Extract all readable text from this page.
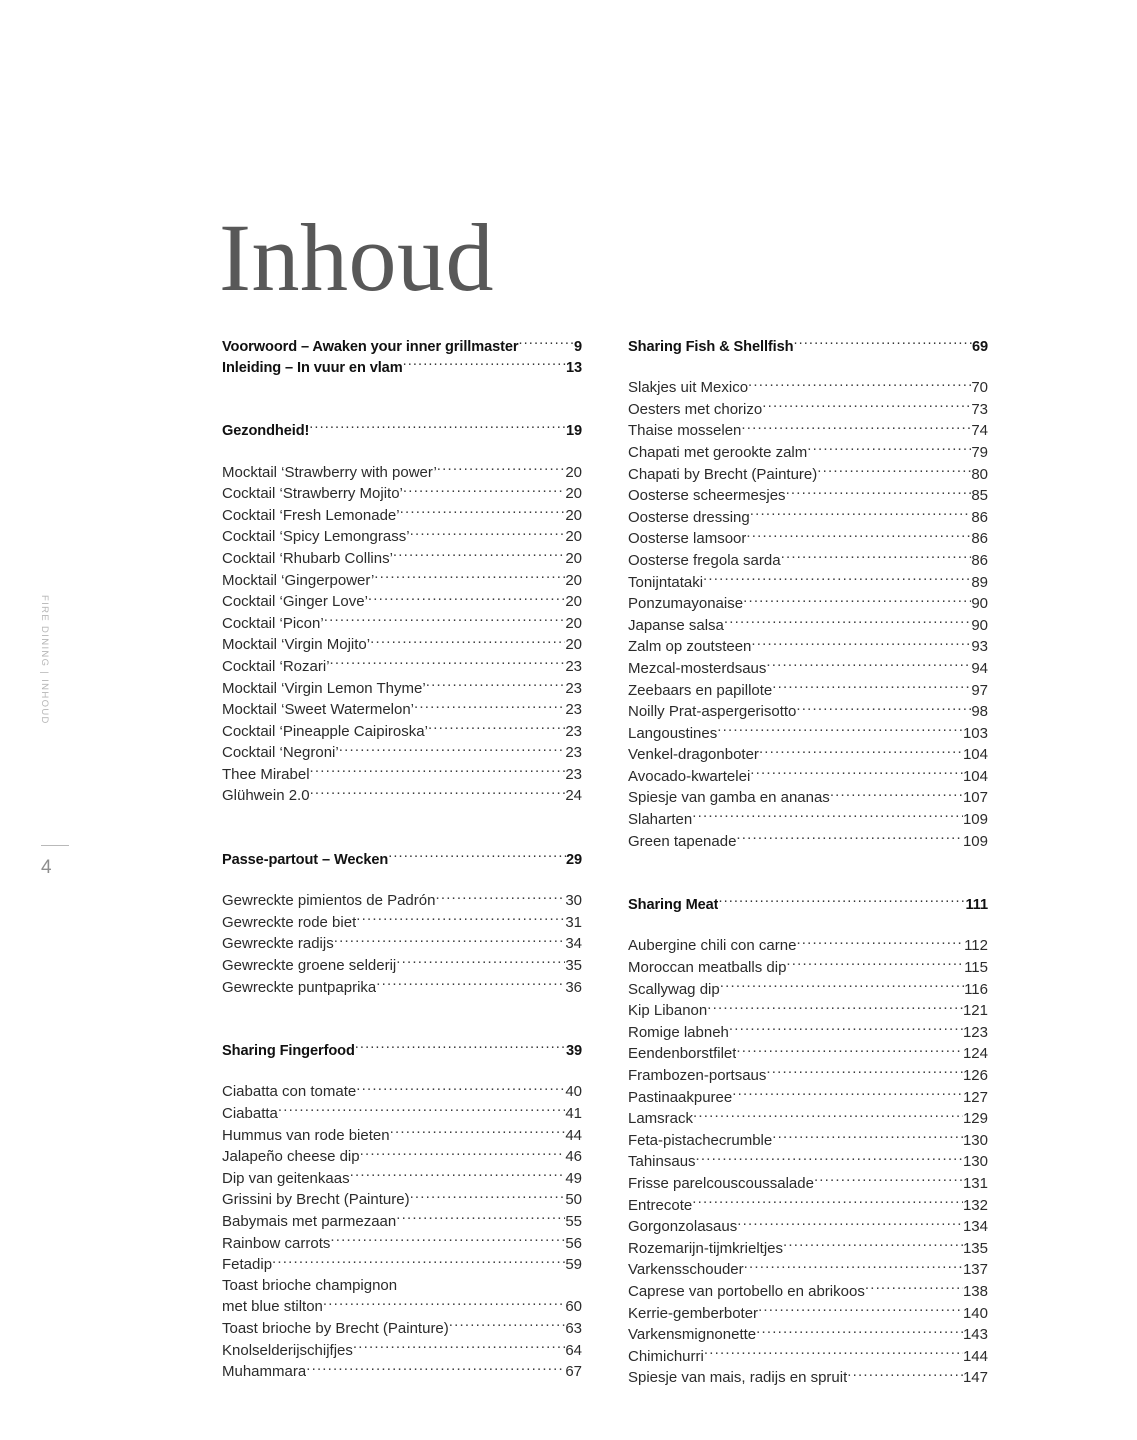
FIRE DINING | INHOUD
4
Inhoud
Voorwoord – Awaken your inner grillmaster .....	9
Inleiding – In vuur en vlam .....	13
Gezondheid! .....	19
Mocktail ‘Strawberry with power’ .....	20
Cocktail ‘Strawberry Mojito’ .....	20
Cocktail ‘Fresh Lemonade’ .....	20
Cocktail ‘Spicy Lemongrass’ .....	20
Cocktail ‘Rhubarb Collins’ .....	20
Mocktail ‘Gingerpower’ .....	20
Cocktail ‘Ginger Love’ .....	20
Cocktail ‘Picon’ .....	20
Mocktail ‘Virgin Mojito’ .....	20
Cocktail ‘Rozari’ .....	23
Mocktail ‘Virgin Lemon Thyme’ .....	23
Mocktail ‘Sweet Watermelon’ .....	23
Cocktail ‘Pineapple Caipiroska’ .....	23
Cocktail ‘Negroni’ .....	23
Thee Mirabel .....	23
Glühwein 2.0 .....	24
Passe-partout – Wecken .....	29
Gewreckte pimientos de Padrón .....	30
Gewreckte rode biet .....	31
Gewreckte radijs .....	34
Gewreckte groene selderij .....	35
Gewreckte puntpaprika .....	36
Sharing Fingerfood .....	39
Ciabatta con tomate .....	40
Ciabatta .....	41
Hummus van rode bieten .....	44
Jalapeño cheese dip .....	46
Dip van geitenkaas .....	49
Grissini by Brecht (Painture) .....	50
Babymais met parmezaan .....	55
Rainbow carrots .....	56
Fetadip .....	59
Toast brioche champignon
met blue stilton .....	60
Toast brioche by Brecht (Painture) .....	63
Knolselderijschijfjes .....	64
Muhammara .....	67
Sharing Fish & Shellfish .....	69
Slakjes uit Mexico .....	70
Oesters met chorizo .....	73
Thaise mosselen .....	74
Chapati met gerookte zalm .....	79
Chapati by Brecht (Painture) .....	80
Oosterse scheermesjes .....	85
Oosterse dressing .....	86
Oosterse lamsoor .....	86
Oosterse fregola sarda .....	86
Tonijntataki .....	89
Ponzumayonaise .....	90
Japanse salsa .....	90
Zalm op zoutsteen .....	93
Mezcal-mosterdsaus .....	94
Zeebaars en papillote .....	97
Noilly Prat-aspergerisotto .....	98
Langoustines .....	103
Venkel-dragonboter .....	104
Avocado-kwartelei .....	104
Spiesje van gamba en ananas .....	107
Slaharten .....	109
Green tapenade .....	109
Sharing Meat .....	111
Aubergine chili con carne .....	112
Moroccan meatballs dip .....	115
Scallywag dip .....	116
Kip Libanon .....	121
Romige labneh .....	123
Eendenborstfilet .....	124
Frambozen-portsaus .....	126
Pastinaakpuree .....	127
Lamsrack .....	129
Feta-pistachecrumble .....	130
Tahinsaus .....	130
Frisse parelcouscoussalade .....	131
Entrecote .....	132
Gorgonzolasaus .....	134
Rozemarijn-tijmkrieltjes .....	135
Varkensschouder .....	137
Caprese van portobello en abrikoos .....	138
Kerrie-gemberboter .....	140
Varkensmignonette .....	143
Chimichurri .....	144
Spiesje van mais, radijs en spruit .....	147
